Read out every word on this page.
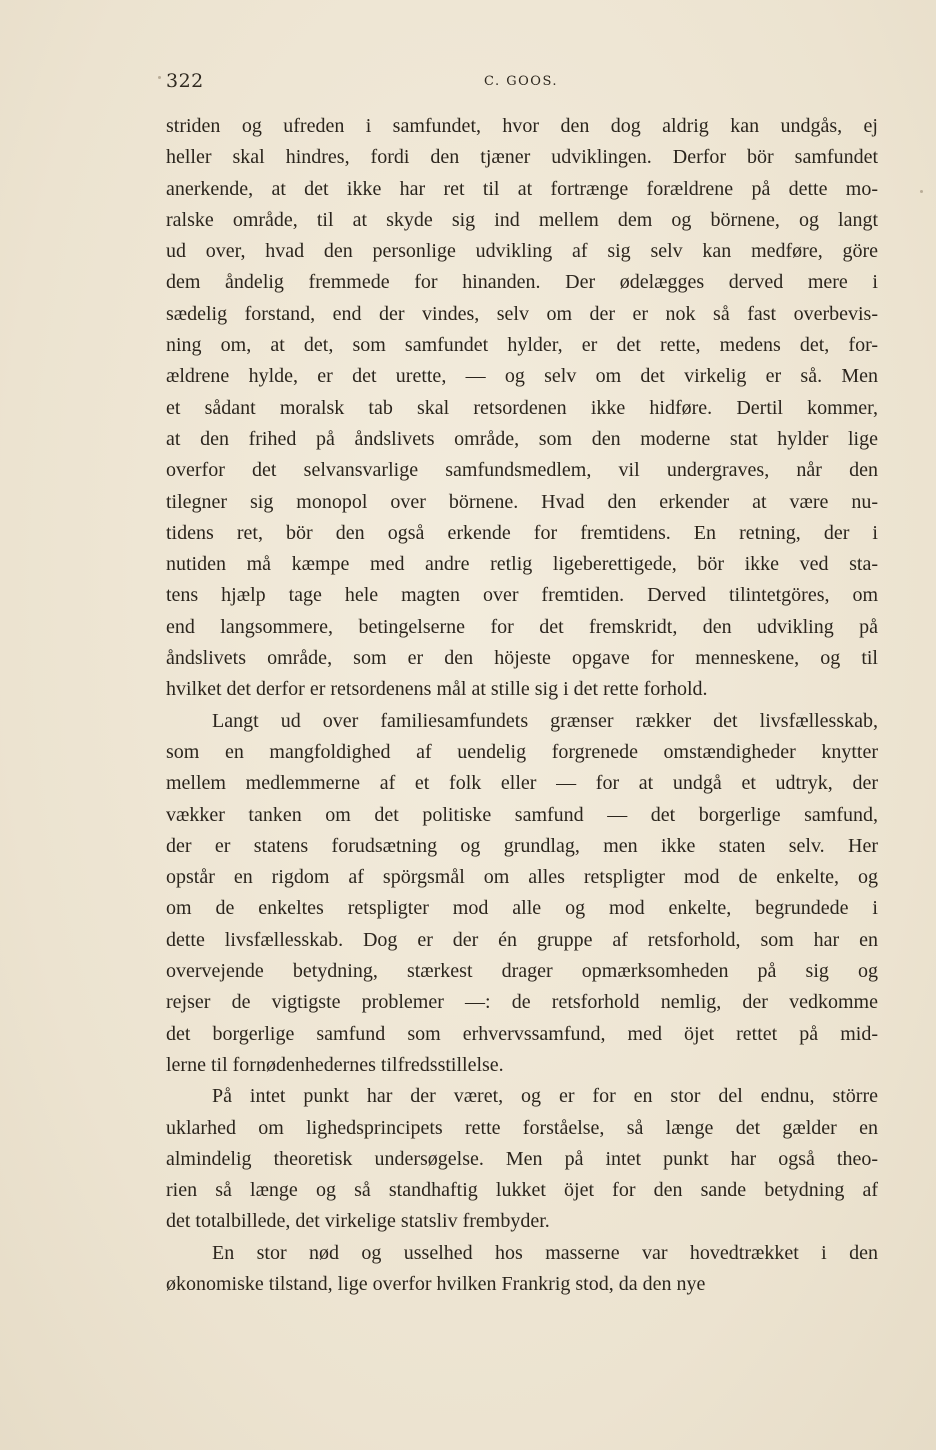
322	C. GOOS.
striden og ufreden i samfundet, hvor den dog aldrig kan undgås, ej
heller skal hindres, fordi den tjæner udviklingen. Derfor bör samfundet
anerkende, at det ikke har ret til at fortrænge forældrene på dette mo-
ralske område, til at skyde sig ind mellem dem og börnene, og langt
ud over, hvad den personlige udvikling af sig selv kan medføre, göre
dem åndelig fremmede for hinanden. Der ødelægges derved mere i
sædelig forstand, end der vindes, selv om der er nok så fast overbevis-
ning om, at det, som samfundet hylder, er det rette, medens det, for-
ældrene hylde, er det urette, — og selv om det virkelig er så. Men
et sådant moralsk tab skal retsordenen ikke hidføre. Dertil kommer,
at den frihed på åndslivets område, som den moderne stat hylder lige
overfor det selvansvarlige samfundsmedlem, vil undergraves, når den
tilegner sig monopol over börnene. Hvad den erkender at være nu-
tidens ret, bör den også erkende for fremtidens. En retning, der i
nutiden må kæmpe med andre retlig ligeberettigede, bör ikke ved sta-
tens hjælp tage hele magten over fremtiden. Derved tilintetgöres, om
end langsommere, betingelserne for det fremskridt, den udvikling på
åndslivets område, som er den höjeste opgave for menneskene, og til
hvilket det derfor er retsordenens mål at stille sig i det rette forhold.
Langt ud over familiesamfundets grænser rækker det livsfællesskab,
som en mangfoldighed af uendelig forgrenede omstændigheder knytter
mellem medlemmerne af et folk eller — for at undgå et udtryk, der
vækker tanken om det politiske samfund — det borgerlige samfund,
der er statens forudsætning og grundlag, men ikke staten selv. Her
opstår en rigdom af spörgsmål om alles retspligter mod de enkelte, og
om de enkeltes retspligter mod alle og mod enkelte, begrundede i
dette livsfællesskab. Dog er der én gruppe af retsforhold, som har en
overvejende betydning, stærkest drager opmærksomheden på sig og
rejser de vigtigste problemer —: de retsforhold nemlig, der vedkomme
det borgerlige samfund som erhvervssamfund, med öjet rettet på mid-
lerne til fornødenhedernes tilfredsstillelse.
På intet punkt har der været, og er for en stor del endnu, större
uklarhed om lighedsprincipets rette forståelse, så længe det gælder en
almindelig theoretisk undersøgelse. Men på intet punkt har også theo-
rien så længe og så standhaftig lukket öjet for den sande betydning af
det totalbillede, det virkelige statsliv frembyder.
En stor nød og usselhed hos masserne var hovedtrækket i den
økonomiske tilstand, lige overfor hvilken Frankrig stod, da den nye
